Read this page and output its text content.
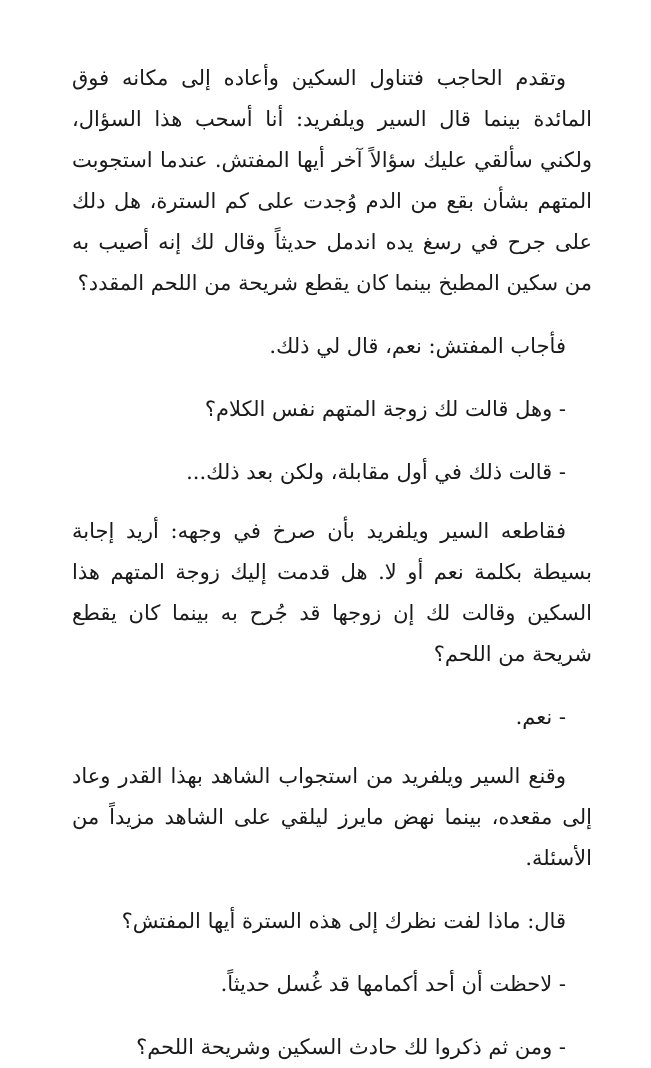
وتقدم الحاجب فتناول السكين وأعاده إلى مكانه فوق المائدة بينما قال السير ويلفريد: أنا أسحب هذا السؤال، ولكني سألقي عليك سؤالاً آخر أيها المفتش. عندما استجوبت المتهم بشأن بقع من الدم وُجدت على كم السترة، هل دلك على جرح في رسغ يده اندمل حديثاً وقال لك إنه أصيب به من سكين المطبخ بينما كان يقطع شريحة من اللحم المقدد؟

فأجاب المفتش: نعم، قال لي ذلك.

- وهل قالت لك زوجة المتهم نفس الكلام؟

- قالت ذلك في أول مقابلة، ولكن بعد ذلك...

فقاطعه السير ويلفريد بأن صرخ في وجهه: أريد إجابة بسيطة بكلمة نعم أو لا. هل قدمت إليك زوجة المتهم هذا السكين وقالت لك إن زوجها قد جُرح به بينما كان يقطع شريحة من اللحم؟

- نعم.

وقنع السير ويلفريد من استجواب الشاهد بهذا القدر وعاد إلى مقعده، بينما نهض مايرز ليلقي على الشاهد مزيداً من الأسئلة.

قال: ماذا لفت نظرك إلى هذه السترة أيها المفتش؟

- لاحظت أن أحد أكمامها قد غُسل حديثاً.

- ومن ثم ذكروا لك حادث السكين وشريحة اللحم؟
